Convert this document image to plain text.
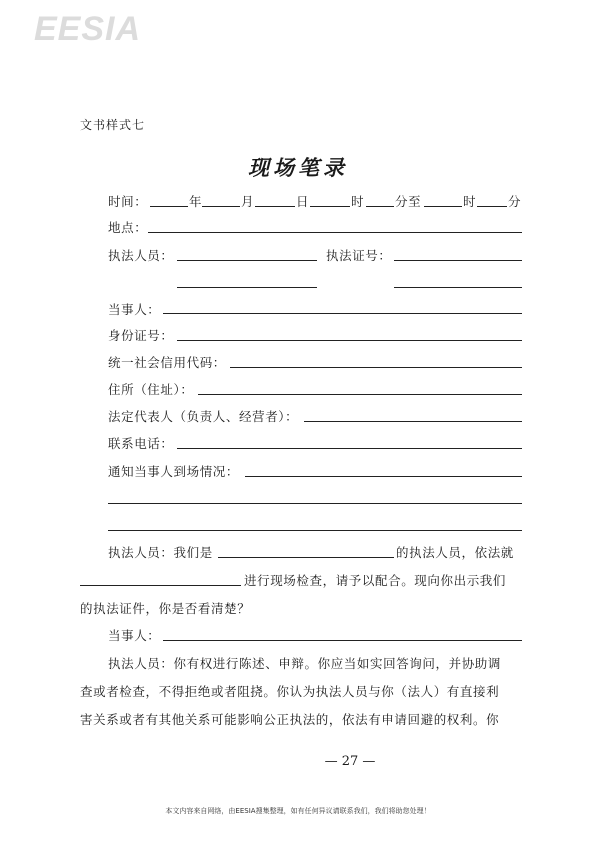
EESIA
文书样式七
现场笔录
时间：	年	月	日	时 分至	时	分
地点：
执法人员：	执法证号：
当事人：
身份证号：
统一社会信用代码：
住所（住址）：
法定代表人（负责人、经营者）：
联系电话：
通知当事人到场情况：
执法人员：我们是	的执法人员，依法就
进行现场检查，请予以配合。现向你出示我们
的执法证件，你是否看清楚？
当事人：
执法人员：你有权进行陈述、申辩。你应当如实回答询问，并协助调
查或者检查，不得拒绝或者阻挠。你认为执法人员与你（法人）有直接利
害关系或者有其他关系可能影响公正执法的，依法有申请回避的权利。你
— 27 —
本文内容来自网络，由EESIA搜集整理，如有任何异议请联系我们，我们将助您处理！
